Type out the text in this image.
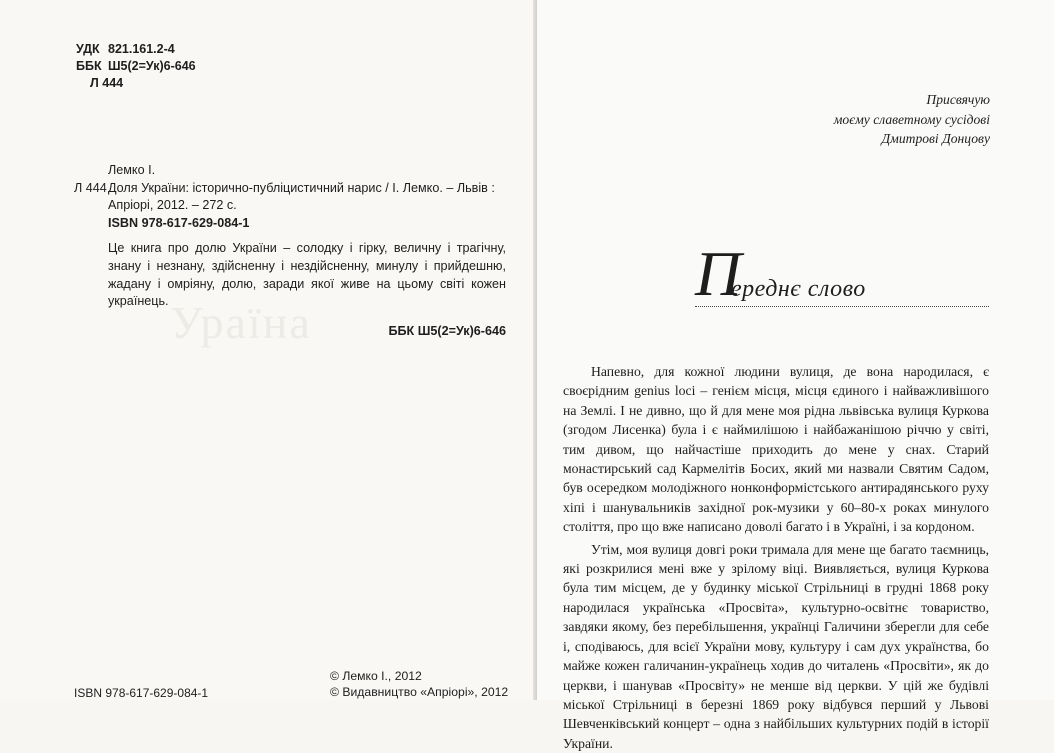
Ураїна
УДК 821.161.2-4
ББК Ш5(2=Ук)6-646
Л 444
Лемко І.
Л 444 Доля України: історично-публіцистичний нарис / І. Лемко. – Львів :
Апріорі, 2012. – 272 с.
ISBN 978-617-629-084-1
Це книга про долю України – солодку і гірку, величну і трагічну, знану і незнану, здійсненну і нездійсненну, минулу і прийдешню, жадану і омріяну, долю, заради якої живе на цьому світі кожен українець.
ББК Ш5(2=Ук)6-646
ISBN 978-617-629-084-1
© Лемко І., 2012
© Видавництво «Апріорі», 2012
Присвячую
моєму славетному сусідові
Дмитрові Донцову
П
ереднє слово

Напевно, для кожної людини вулиця, де вона народилася, є своєрідним genius loci – генієм місця, місця єдиного і найважливішого на Землі. І не дивно, що й для мене моя рідна львівська вулиця Куркова (згодом Лисенка) була і є наймилішою і найбажанішою річчю у світі, тим дивом, що найчастіше приходить до мене у снах. Старий монастирський сад Кармелітів Босих, який ми назвали Святим Садом, був осередком молодіжного нонконформістського антирадянського руху хіпі і шанувальників західної рок-музики у 60–80-х роках минулого століття, про що вже написано доволі багато і в Україні, і за кордоном.

Утім, моя вулиця довгі роки тримала для мене ще багато таємниць, які розкрилися мені вже у зрілому віці. Виявляється, вулиця Куркова була тим місцем, де у будинку міської Стрільниці в грудні 1868 року народилася українська «Просвіта», культурно-освітнє товариство, завдяки якому, без перебільшення, українці Галичини зберегли для себе і, сподіваюсь, для всієї України мову, культуру і сам дух українства, бо майже кожен галичанин-українець ходив до читалень «Просвіти», як до церкви, і шанував «Просвіту» не менше від церкви. У цій же будівлі міської Стрільниці в березні 1869 року відбувся перший у Львові Шевченківський концерт – одна з найбільших культурних подій в історії України.
